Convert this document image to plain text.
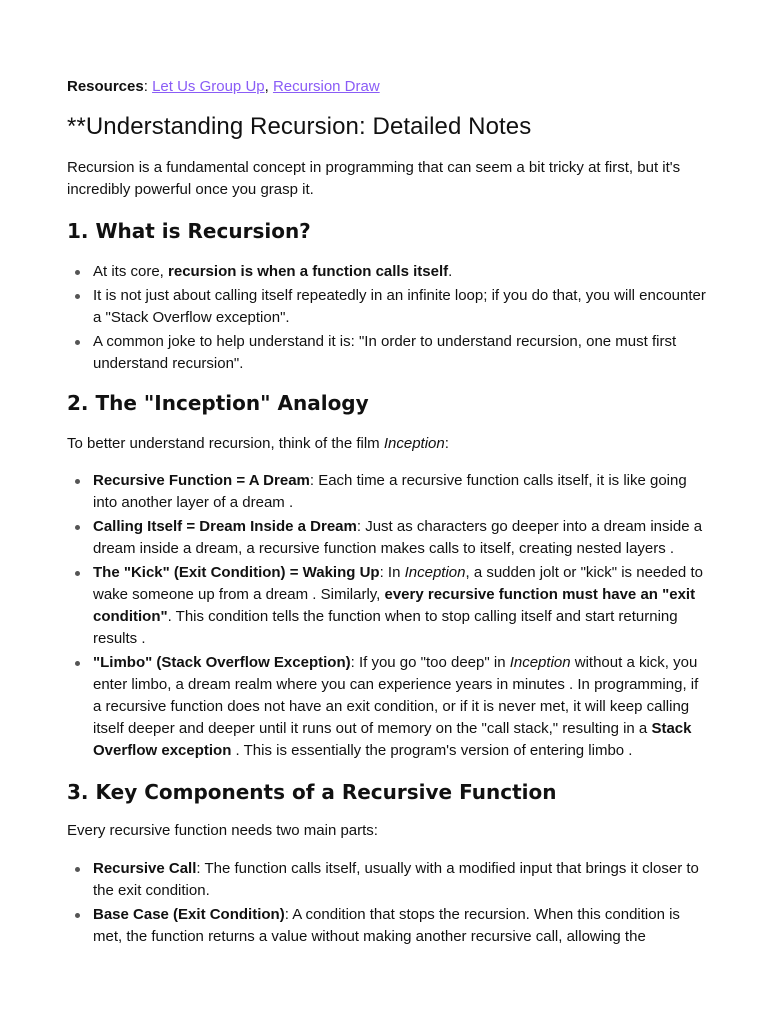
Resources: Let Us Group Up, Recursion Draw

**Understanding Recursion: Detailed Notes

Recursion is a fundamental concept in programming that can seem a bit tricky at first, but it's incredibly powerful once you grasp it.

1. What is Recursion?
At its core, recursion is when a function calls itself.
It is not just about calling itself repeatedly in an infinite loop; if you do that, you will encounter a "Stack Overflow exception".
A common joke to help understand it is: "In order to understand recursion, one must first understand recursion".
2. The "Inception" Analogy

To better understand recursion, think of the film Inception:

Recursive Function = A Dream: Each time a recursive function calls itself, it is like going into another layer of a dream .
Calling Itself = Dream Inside a Dream: Just as characters go deeper into a dream inside a dream inside a dream, a recursive function makes calls to itself, creating nested layers .
The "Kick" (Exit Condition) = Waking Up: In Inception, a sudden jolt or "kick" is needed to wake someone up from a dream . Similarly, every recursive function must have an "exit condition". This condition tells the function when to stop calling itself and start returning results .
"Limbo" (Stack Overflow Exception): If you go "too deep" in Inception without a kick, you enter limbo, a dream realm where you can experience years in minutes . In programming, if a recursive function does not have an exit condition, or if it is never met, it will keep calling itself deeper and deeper until it runs out of memory on the "call stack," resulting in a Stack Overflow exception . This is essentially the program's version of entering limbo .
3. Key Components of a Recursive Function

Every recursive function needs two main parts:

Recursive Call: The function calls itself, usually with a modified input that brings it closer to the exit condition.
Base Case (Exit Condition): A condition that stops the recursion. When this condition is met, the function returns a value without making another recursive call, allowing the
